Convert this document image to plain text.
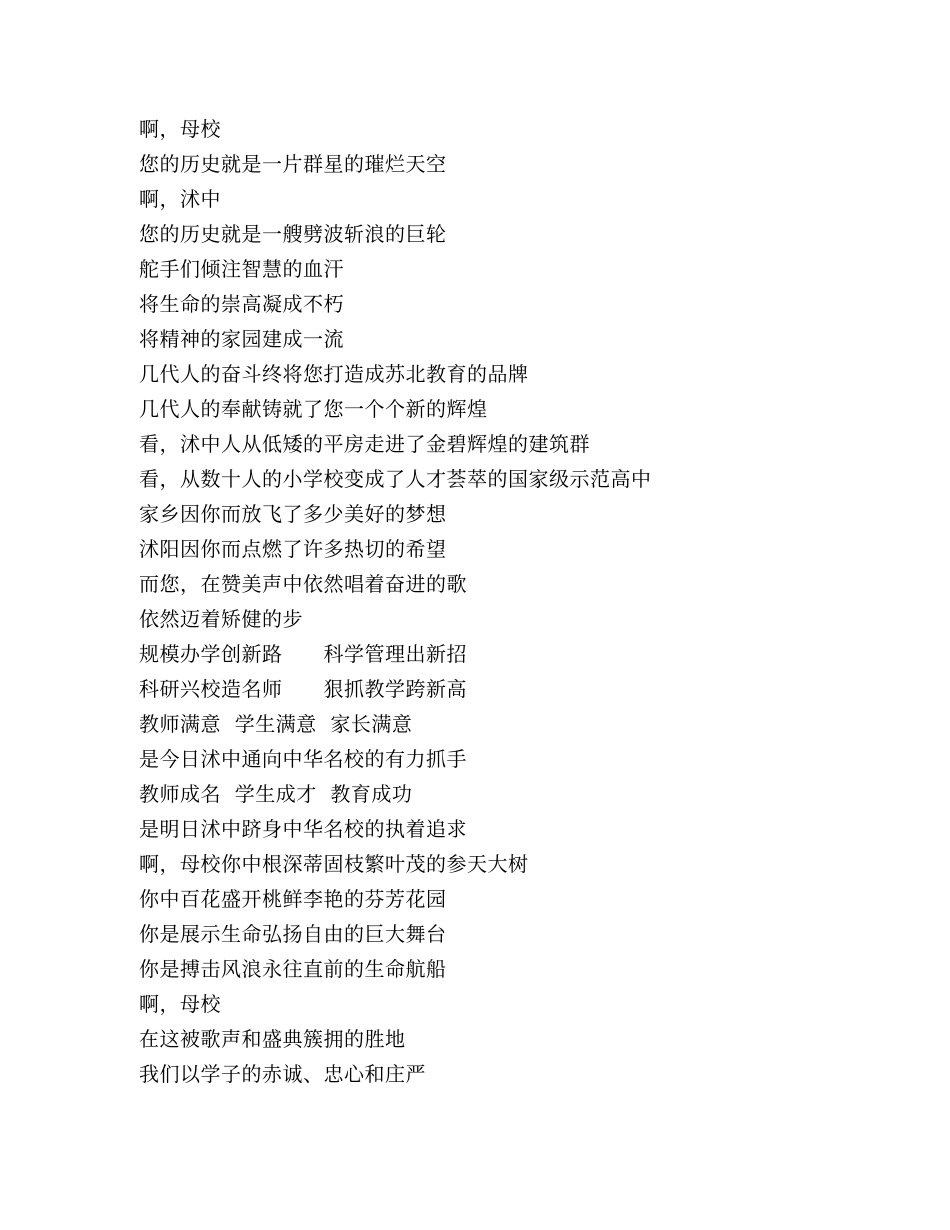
啊，母校
您的历史就是一片群星的璀烂天空
啊，沭中
您的历史就是一艘劈波斩浪的巨轮
舵手们倾注智慧的血汗
将生命的崇高凝成不朽
将精神的家园建成一流
几代人的奋斗终将您打造成苏北教育的品牌
几代人的奉献铸就了您一个个新的辉煌
看，沭中人从低矮的平房走进了金碧辉煌的建筑群
看，从数十人的小学校变成了人才荟萃的国家级示范高中
家乡因你而放飞了多少美好的梦想
沭阳因你而点燃了许多热切的希望
而您，在赞美声中依然唱着奋进的歌
依然迈着矫健的步
规模办学创新路　　科学管理出新招
科研兴校造名师　　狠抓教学跨新高
教师满意  学生满意  家长满意
是今日沭中通向中华名校的有力抓手
教师成名  学生成才  教育成功
是明日沭中跻身中华名校的执着追求
啊，母校你中根深蒂固枝繁叶茂的参天大树
你中百花盛开桃鲜李艳的芬芳花园
你是展示生命弘扬自由的巨大舞台
你是搏击风浪永往直前的生命航船
啊，母校
在这被歌声和盛典簇拥的胜地
我们以学子的赤诚、忠心和庄严
